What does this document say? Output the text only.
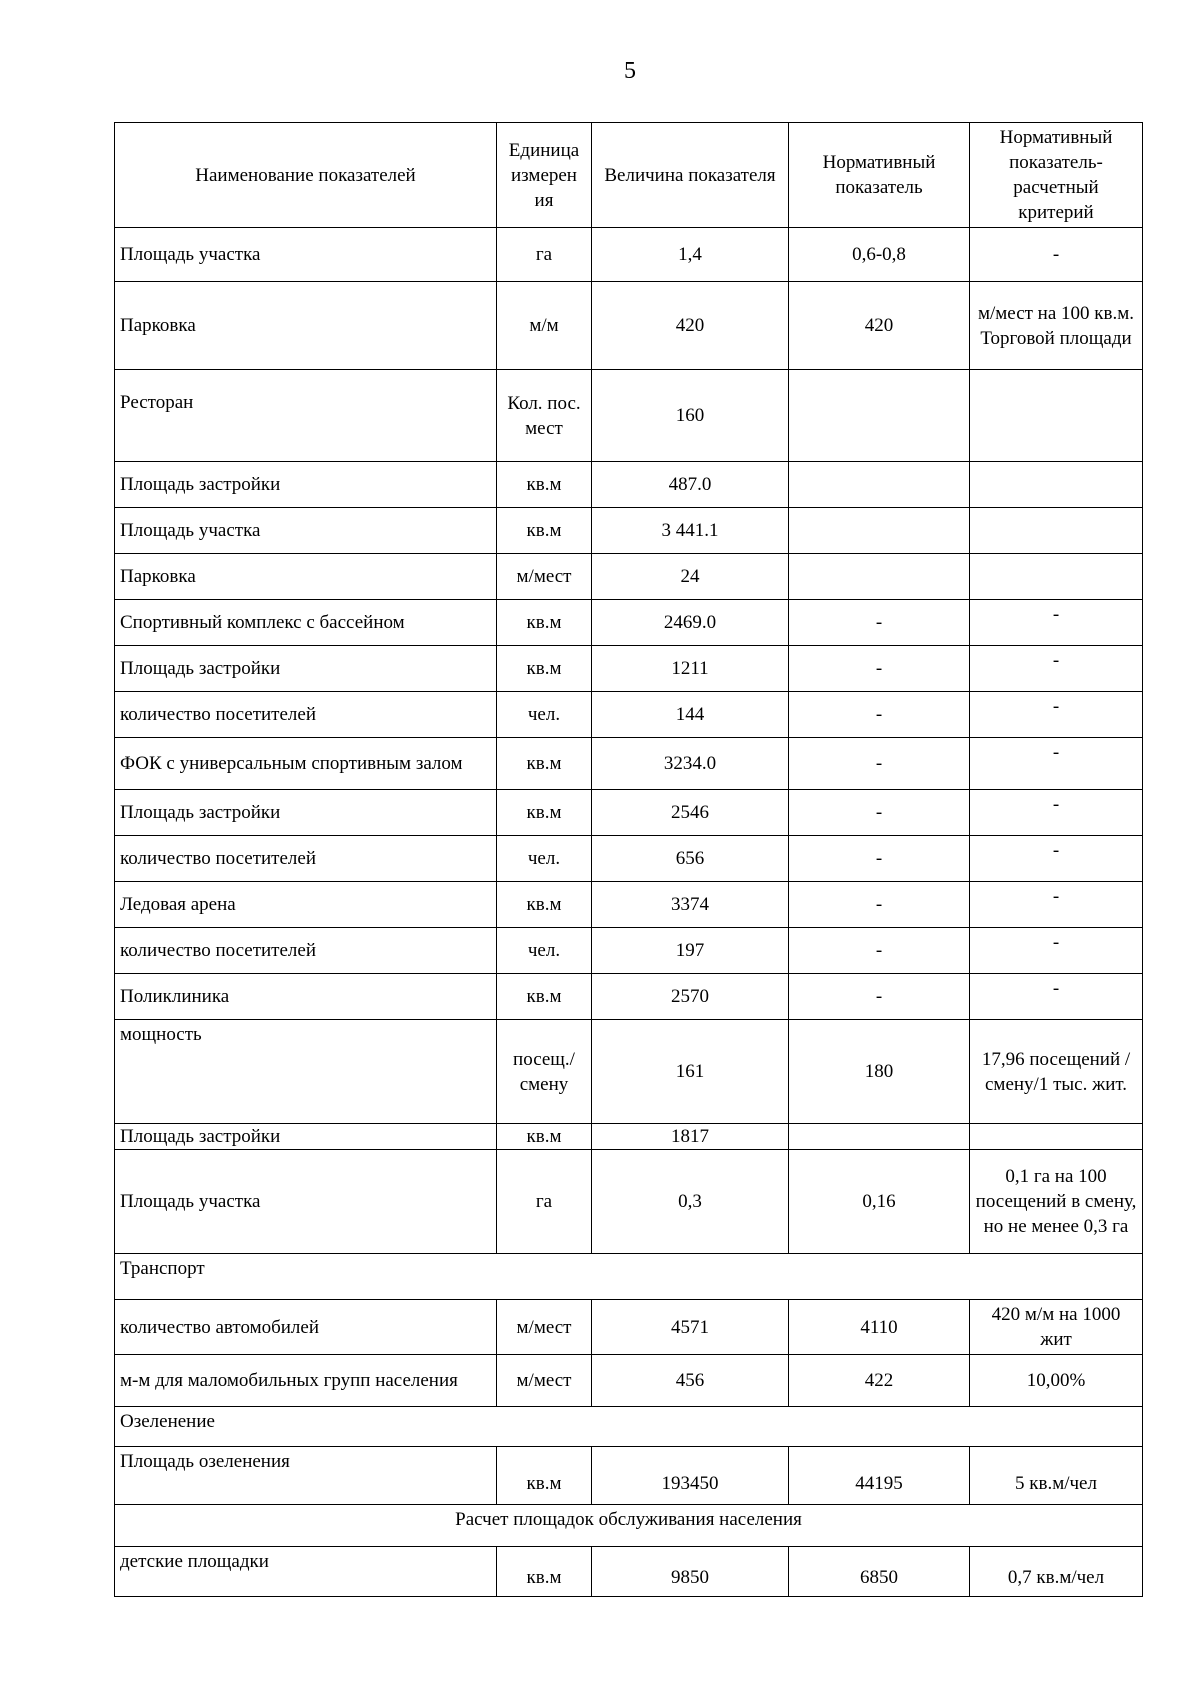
5
Наименование показателей	Единица измерен ия	Величина показателя	Нормативный показатель	Нормативный показатель-расчетный критерий
Площадь участка	га	1,4	0,6-0,8	-
Парковка	м/м	420	420	м/мест на 100 кв.м. Торговой площади
Ресторан	Кол. пос. мест	160		
Площадь застройки	кв.м	487.0		
Площадь участка	кв.м	3 441.1		
Парковка	м/мест	24		
Спортивный комплекс с бассейном	кв.м	2469.0	-	-
Площадь застройки	кв.м	1211	-	-
количество посетителей	чел.	144	-	-
ФОК с универсальным спортивным залом	кв.м	3234.0	-	-
Площадь застройки	кв.м	2546	-	-
количество посетителей	чел.	656	-	-
Ледовая арена	кв.м	3374	-	-
количество посетителей	чел.	197	-	-
Поликлиника	кв.м	2570	-	-
мощность	посещ./ смену	161	180	17,96 посещений /смену/1 тыс. жит.
Площадь застройки	кв.м	1817		
Площадь участка	га	0,3	0,16	0,1 га на 100 посещений в смену, но не менее 0,3 га
Транспорт				
количество автомобилей	м/мест	4571	4110	420 м/м на 1000 жит
м-м для маломобильных групп населения	м/мест	456	422	10,00%
Озеленение				
Площадь озеленения	кв.м	193450	44195	5 кв.м/чел
Расчет площадок обслуживания населения				
детские площадки	кв.м	9850	6850	0,7 кв.м/чел
